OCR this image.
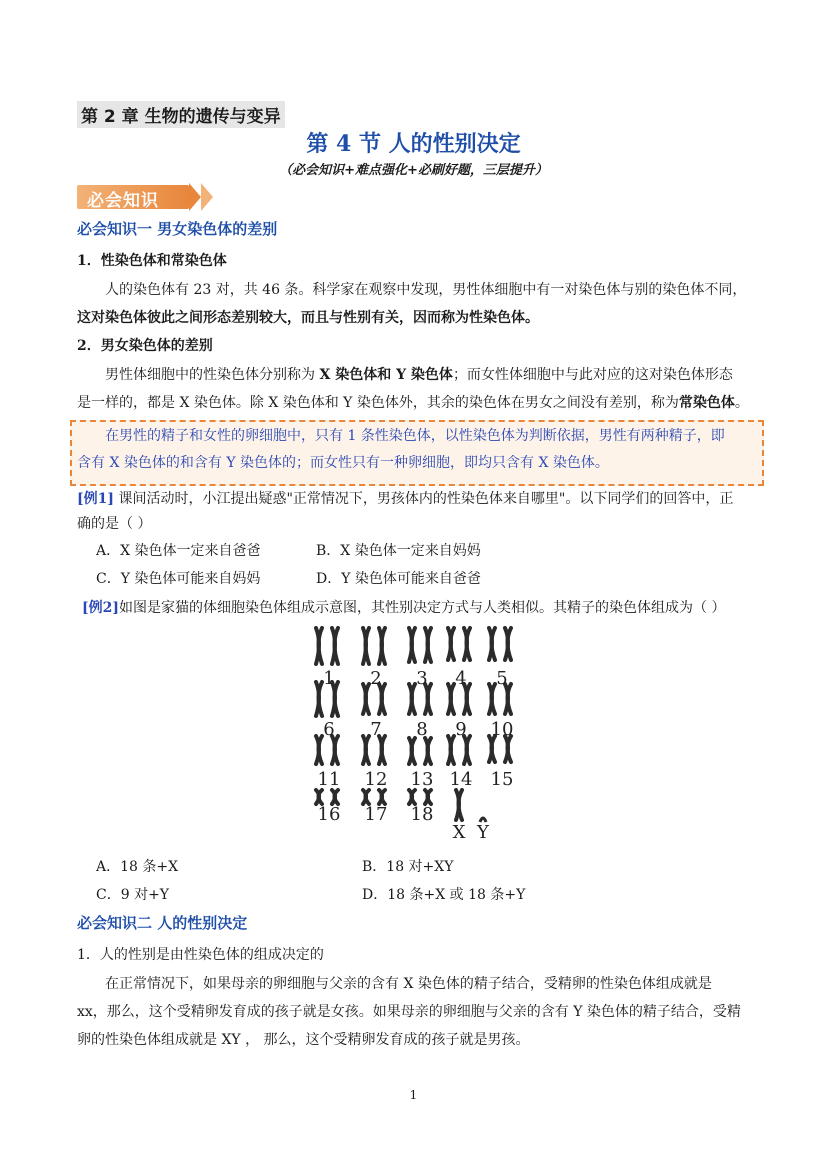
第 2 章 生物的遗传与变异
第 4 节 人的性别决定
（必会知识+难点强化+必刷好题，三层提升）
必会知识
必会知识一 男女染色体的差别
1．性染色体和常染色体
人的染色体有 23 对，共 46 条。科学家在观察中发现，男性体细胞中有一对染色体与别的染色体不同，
这对染色体彼此之间形态差别较大，而且与性别有关，因而称为性染色体。
2．男女染色体的差别
男性体细胞中的性染色体分别称为 X 染色体和 Y 染色体；而女性体细胞中与此对应的这对染色体形态
是一样的，都是 X 染色体。除 X 染色体和 Y 染色体外，其余的染色体在男女之间没有差别，称为常染色体。
在男性的精子和女性的卵细胞中，只有 1 条性染色体，以性染色体为判断依据，男性有两种精子，即
含有 X 染色体的和含有 Y 染色体的；而女性只有一种卵细胞，即均只含有 X 染色体。
[例1] 课间活动时，小江提出疑惑"正常情况下，男孩体内的性染色体来自哪里"。以下同学们的回答中，正
确的是（ ）
A．X 染色体一定来自爸爸	B．X 染色体一定来自妈妈
C．Y 染色体可能来自妈妈	D．Y 染色体可能来自爸爸
[例2]如图是家猫的体细胞染色体组成示意图，其性别决定方式与人类相似。其精子的染色体组成为（ ）
1 2 3 4 5
6 7 8 9 10
11 12 13 14 15
16 17 18
X Y
A．18 条+X	B．18 对+XY
C．9 对+Y	D．18 条+X 或 18 条+Y
必会知识二 人的性别决定
1．人的性别是由性染色体的组成决定的
在正常情况下，如果母亲的卵细胞与父亲的含有 X 染色体的精子结合，受精卵的性染色体组成就是
xx，那么，这个受精卵发育成的孩子就是女孩。如果母亲的卵细胞与父亲的含有 Y 染色体的精子结合，受精
卵的性染色体组成就是 XY ， 那么，这个受精卵发育成的孩子就是男孩。
1
